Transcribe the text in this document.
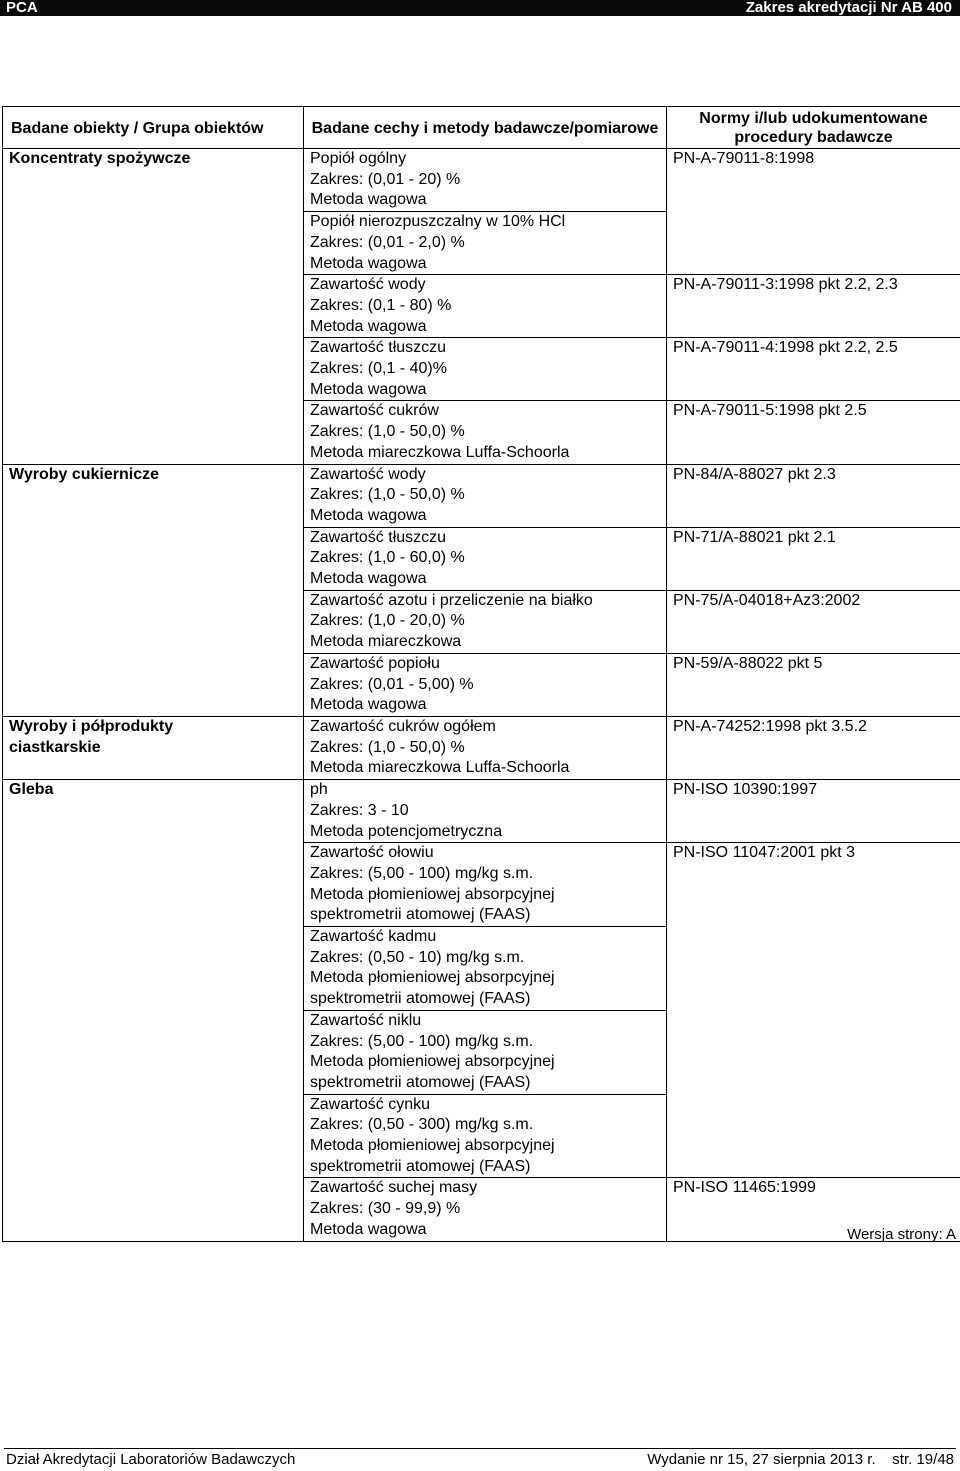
PCA	Zakres akredytacji Nr AB 400
Badane obiekty / Grupa obiektów	Badane cechy i metody badawcze/pomiarowe	Normy i/lub udokumentowane procedury badawcze

Koncentraty spożywcze	Popiół ogólny
Zakres: (0,01 - 20) %
Metoda wagowa	PN-A-79011-8:1998

	Popiół nierozpuszczalny w 10% HCl
Zakres: (0,01 - 2,0) %
Metoda wagowa	

	Zawartość wody
Zakres: (0,1 - 80) %
Metoda wagowa	PN-A-79011-3:1998 pkt 2.2, 2.3

	Zawartość tłuszczu
Zakres: (0,1 - 40)%
Metoda wagowa	PN-A-79011-4:1998 pkt 2.2, 2.5

	Zawartość cukrów
Zakres: (1,0 - 50,0) %
Metoda miareczkowa Luffa-Schoorla	PN-A-79011-5:1998 pkt 2.5

Wyroby cukiernicze	Zawartość wody
Zakres: (1,0 - 50,0) %
Metoda wagowa	PN-84/A-88027 pkt 2.3

	Zawartość tłuszczu
Zakres: (1,0 - 60,0) %
Metoda wagowa	PN-71/A-88021 pkt 2.1

	Zawartość azotu i przeliczenie na białko
Zakres: (1,0 - 20,0) %
Metoda miareczkowa	PN-75/A-04018+Az3:2002

	Zawartość popiołu
Zakres: (0,01 - 5,00) %
Metoda wagowa	PN-59/A-88022 pkt 5

Wyroby i półprodukty
ciastkarskie	Zawartość cukrów ogółem
Zakres: (1,0 - 50,0) %
Metoda miareczkowa Luffa-Schoorla	PN-A-74252:1998 pkt 3.5.2

Gleba	ph
Zakres: 3 - 10
Metoda potencjometryczna	PN-ISO 10390:1997

	Zawartość ołowiu
Zakres: (5,00 - 100) mg/kg s.m.
Metoda płomieniowej absorpcyjnej
spektrometrii atomowej (FAAS)	PN-ISO 11047:2001 pkt 3

	Zawartość kadmu
Zakres: (0,50 - 10) mg/kg s.m.
Metoda płomieniowej absorpcyjnej
spektrometrii atomowej (FAAS)	

	Zawartość niklu
Zakres: (5,00 - 100) mg/kg s.m.
Metoda płomieniowej absorpcyjnej
spektrometrii atomowej (FAAS)	

	Zawartość cynku
Zakres: (0,50 - 300) mg/kg s.m.
Metoda płomieniowej absorpcyjnej
spektrometrii atomowej (FAAS)	

	Zawartość suchej masy
Zakres: (30 - 99,9) %
Metoda wagowa	PN-ISO 11465:1999
Wersja strony: A
Dział Akredytacji Laboratoriów Badawczych	Wydanie nr 15, 27 sierpnia 2013 r.    str. 19/48
